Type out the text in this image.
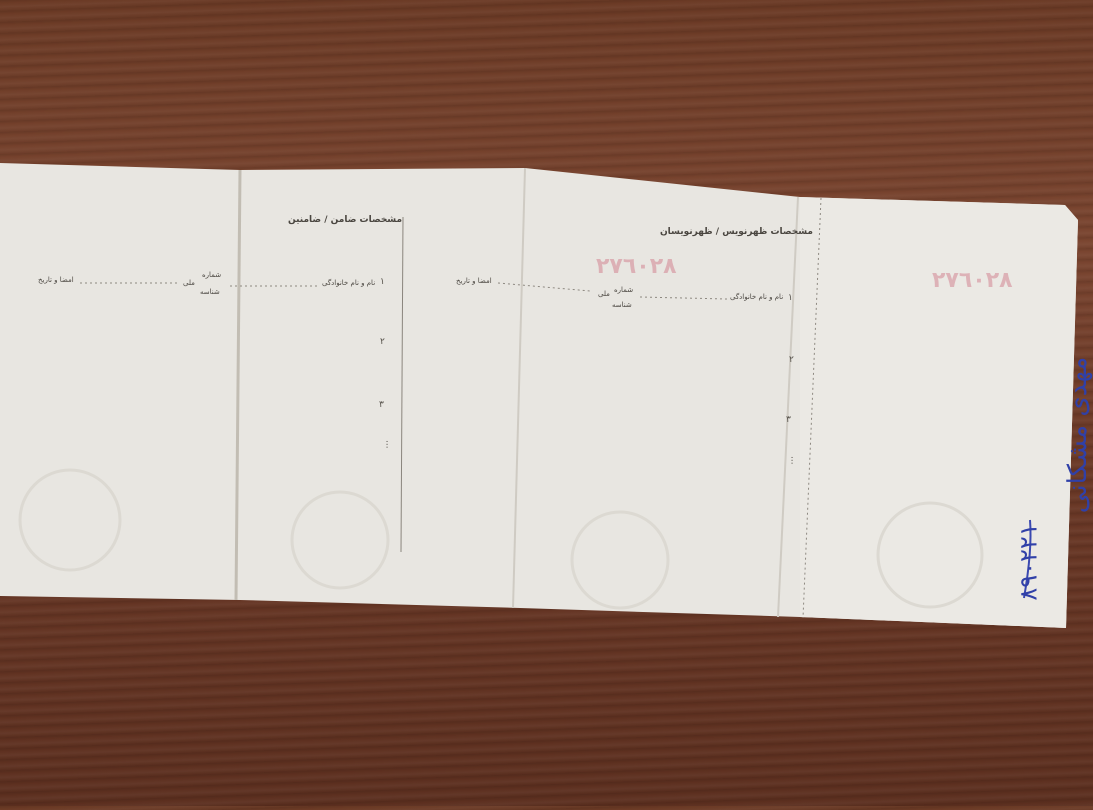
مشخصات ضامن / ضامنین
١
نام و نام خانوادگی
شماره
ملی
شناسه
امضا و تاریخ
٢
٣
···
مشخصات ظهرنویس / ظهرنویسان
١
نام و نام خانوادگی
شماره
ملی
شناسه
امضا و تاریخ
٢
٣
···
٢٧٦٠٢٨
٢٧٦٠٢٨
مهدی مشکانی
٨٩٠٢٢١
